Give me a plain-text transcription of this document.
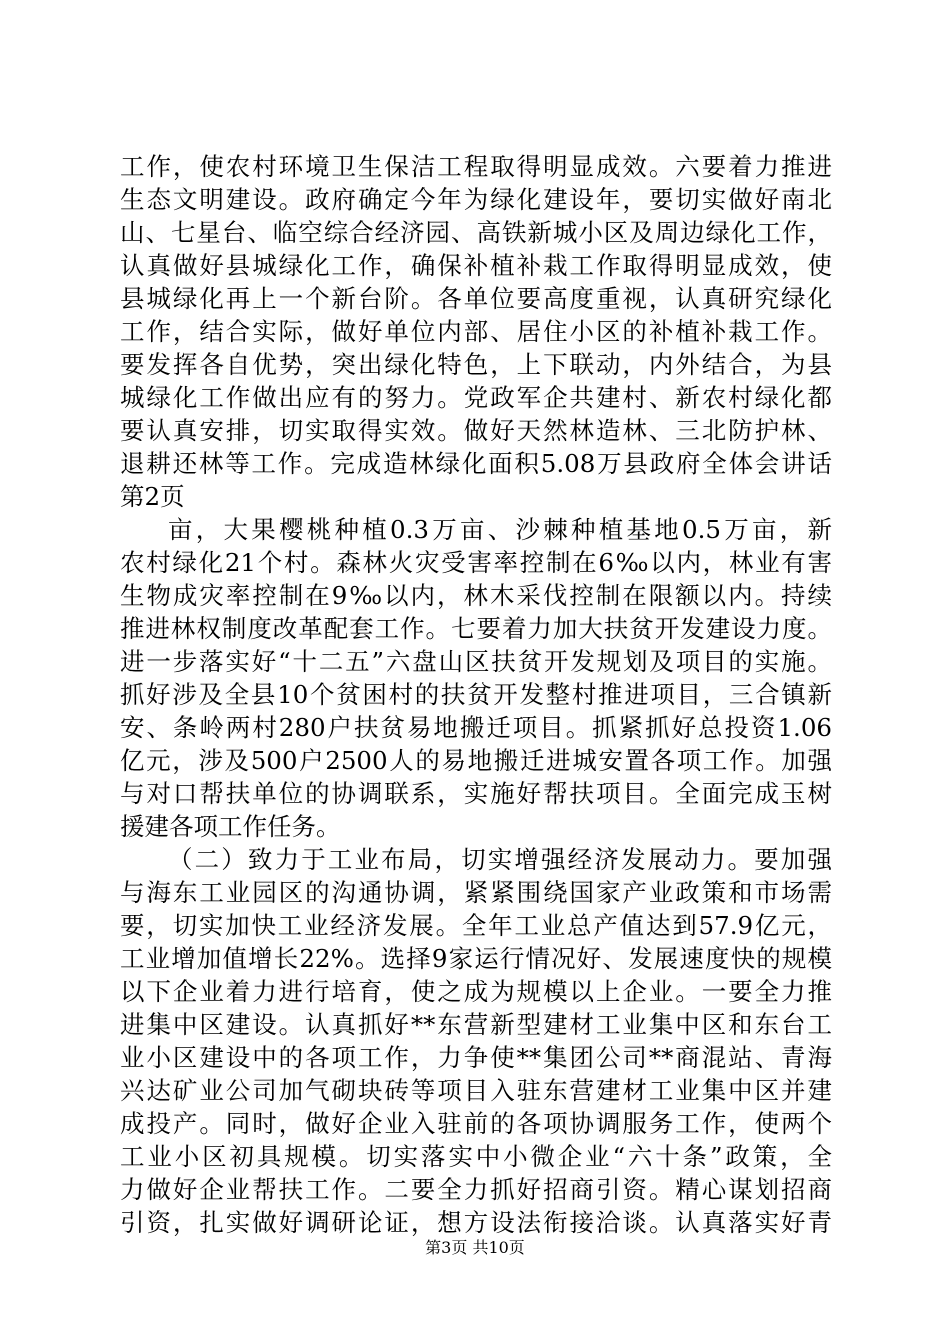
工作，使农村环境卫生保洁工程取得明显成效。六要着力推进
生态文明建设。政府确定今年为绿化建设年，要切实做好南北
山、七星台、临空综合经济园、高铁新城小区及周边绿化工作，
认真做好县城绿化工作，确保补植补栽工作取得明显成效，使
县城绿化再上一个新台阶。各单位要高度重视，认真研究绿化
工作，结合实际，做好单位内部、居住小区的补植补栽工作。
要发挥各自优势，突出绿化特色，上下联动，内外结合，为县
城绿化工作做出应有的努力。党政军企共建村、新农村绿化都
要认真安排，切实取得实效。做好天然林造林、三北防护林、
退耕还林等工作。完成造林绿化面积5.08万县政府全体会讲话
第2页
亩，大果樱桃种植0.3万亩、沙棘种植基地0.5万亩，新
农村绿化21个村。森林火灾受害率控制在6‰以内，林业有害
生物成灾率控制在9‰以内，林木采伐控制在限额以内。持续
推进林权制度改革配套工作。七要着力加大扶贫开发建设力度。
进一步落实好“十二五”六盘山区扶贫开发规划及项目的实施。
抓好涉及全县10个贫困村的扶贫开发整村推进项目，三合镇新
安、条岭两村280户扶贫易地搬迁项目。抓紧抓好总投资1.06
亿元，涉及500户2500人的易地搬迁进城安置各项工作。加强
与对口帮扶单位的协调联系，实施好帮扶项目。全面完成玉树
援建各项工作任务。
（二）致力于工业布局，切实增强经济发展动力。要加强
与海东工业园区的沟通协调，紧紧围绕国家产业政策和市场需
要，切实加快工业经济发展。全年工业总产值达到57.9亿元，
工业增加值增长22%。选择9家运行情况好、发展速度快的规模
以下企业着力进行培育，使之成为规模以上企业。一要全力推
进集中区建设。认真抓好**东营新型建材工业集中区和东台工
业小区建设中的各项工作，力争使**集团公司**商混站、青海
兴达矿业公司加气砌块砖等项目入驻东营建材工业集中区并建
成投产。同时，做好企业入驻前的各项协调服务工作，使两个
工业小区初具规模。切实落实中小微企业“六十条”政策，全
力做好企业帮扶工作。二要全力抓好招商引资。精心谋划招商
引资，扎实做好调研论证，想方设法衔接洽谈。认真落实好青
第3页 共10页
